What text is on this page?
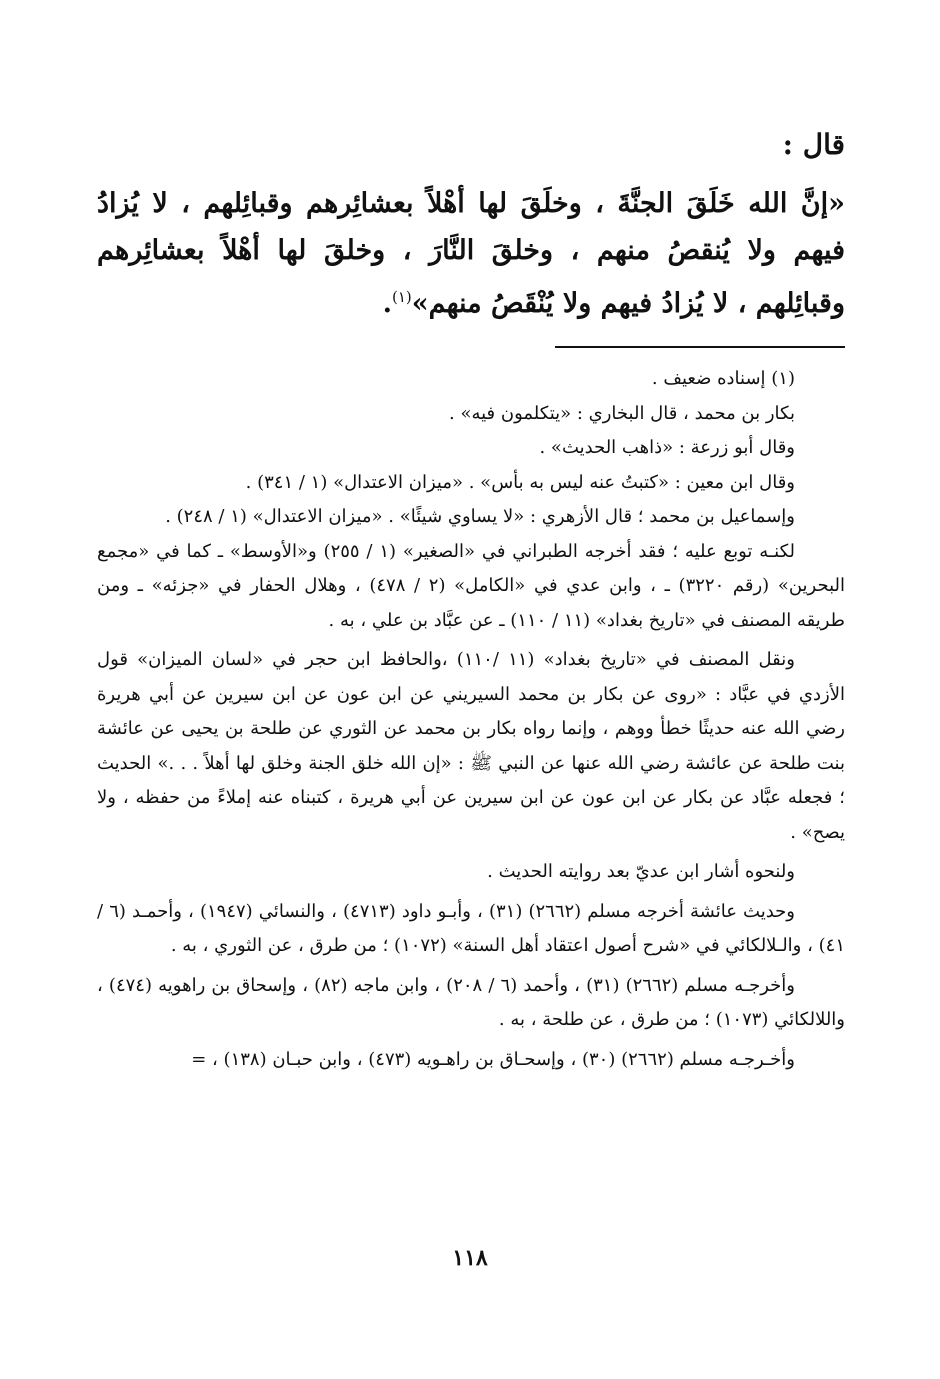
قال :

«إنَّ الله خَلَقَ الجنَّةَ ، وخلَقَ لها أهْلاً بعشائِرهم وقبائِلهم ، لا يُزادُ فيهم ولا يُنقصُ منهم ، وخلقَ النَّارَ ، وخلقَ لها أهْلاً بعشائِرهم وقبائِلهم ، لا يُزادُ فيهم ولا يُنْقَصُ منهم»$^{(١)}$.

(١) إسناده ضعيف .

بكار بن محمد ، قال البخاري : «يتكلمون فيه» .

وقال أبو زرعة : «ذاهب الحديث» .

وقال ابن معين : «كتبتُ عنه ليس به بأس» . «ميزان الاعتدال» (١ / ٣٤١) .

وإسماعيل بن محمد ؛ قال الأزهري : «لا يساوي شيئًا» . «ميزان الاعتدال» (١ / ٢٤٨) .

لكنـه توبع عليه ؛ فقد أخرجه الطبراني في «الصغير» (١ / ٢٥٥) و«الأوسط» ـ كما في «مجمع البحرين» (رقم ٣٢٢٠) ـ ، وابن عدي في «الكامل» (٢ / ٤٧٨) ، وهلال الحفار في «جزئه» ـ ومن طريقه المصنف في «تاريخ بغداد» (١١ / ١١٠) ـ عن عبَّاد بن علي ، به .

ونقل المصنف في «تاريخ بغداد» (١١ /١١٠) ،والحافظ ابن حجر في «لسان الميزان» قول الأزدي في عبَّاد : «روى عن بكار بن محمد السيريني عن ابن عون عن ابن سيرين عن أبي هريرة رضي الله عنه حديثًا خطأ ووهم ، وإنما رواه بكار بن محمد عن الثوري عن طلحة بن يحيى عن عائشة بنت طلحة عن عائشة رضي الله عنها عن النبي ﷺ : «إن الله خلق الجنة وخلق لها أهلاً . . .» الحديث ؛ فجعله عبَّاد عن بكار عن ابن عون عن ابن سيرين عن أبي هريرة ، كتبناه عنه إملاءً من حفظه ، ولا يصح» .

ولنحوه أشار ابن عديّ بعد روايته الحديث .

وحديث عائشة أخرجه مسلم (٢٦٦٢) (٣١) ، وأبـو داود (٤٧١٣) ، والنسائي (١٩٤٧) ، وأحمـد (٦ / ٤١) ، والـلالكائي في «شرح أصول اعتقاد أهل السنة» (١٠٧٢) ؛ من طرق ، عن الثوري ، به .

وأخرجـه مسلم (٢٦٦٢) (٣١) ، وأحمد (٦ / ٢٠٨) ، وابن ماجه (٨٢) ، وإسحاق بن راهويه (٤٧٤) ، واللالكائي (١٠٧٣) ؛ من طرق ، عن طلحة ، به .

وأخـرجـه مسلم (٢٦٦٢) (٣٠) ، وإسحـاق بن راهـويه (٤٧٣) ، وابن حبـان (١٣٨) ، =

١١٨
